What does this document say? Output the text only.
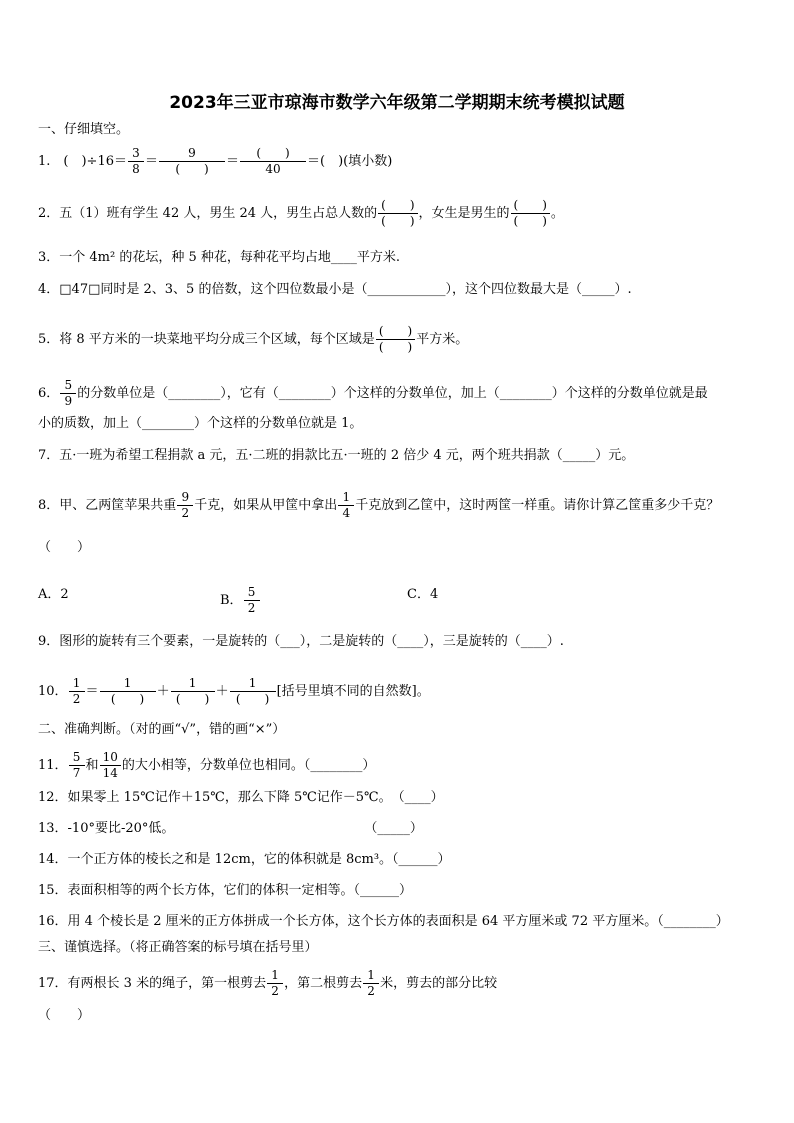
2023年三亚市琼海市数学六年级第二学期期末统考模拟试题
一、仔细填空。
1.　(　)$\div 16= \frac{3}{8} = \frac{9}{( )} = \frac{( )}{40}$ ＝(　)(填小数)
2．五（1）班有学生 42 人，男生 24 人，男生占总人数的 $\frac{( )}{( )}$ ，女生是男生的 $\frac{( )}{( )}$ 。
3．一个 4m² 的花坛，种 5 种花，每种花平均占地____平方米.
4．□47□同时是 2、3、5 的倍数，这个四位数最小是（____________），这个四位数最大是（_____）.
5．将 8 平方米的一块菜地平均分成三个区域，每个区域是 $\frac{( )}{( )}$ 平方米。
6． $\frac{5}{9}$ 的分数单位是（________），它有（________）个这样的分数单位，加上（________）个这样的分数单位就是最
小的质数，加上（________）个这样的分数单位就是 1。
7．五·一班为希望工程捐款 a 元，五·二班的捐款比五·一班的 2 倍少 4 元，两个班共捐款（_____）元。
8．甲、乙两筐苹果共重 $\frac{9}{2}$ 千克，如果从甲筐中拿出 $\frac{1}{4}$ 千克放到乙筐中，这时两筐一样重。请你计算乙筐重多少千克？
（　　）
A．2	B． $\frac{5}{2}$	C．4
9．图形的旋转有三个要素，一是旋转的（___），二是旋转的（____），三是旋转的（____）.
10． $\frac{1}{2} = \frac{1}{( )} + \frac{1}{( )} + \frac{1}{( )}$ [括号里填不同的自然数]。
二、准确判断。（对的画“√”，错的画“×”）
11． $\frac{5}{7}$ 和 $\frac{10}{14}$ 的大小相等，分数单位也相同。（________）
12．如果零上 15℃记作＋15℃，那么下降 5℃记作－5℃。　（____）
13．-10°要比-20°低。	（_____）
14．一个正方体的棱长之和是 12cm，它的体积就是 8cm³。（______）
15．表面积相等的两个长方体，它们的体积一定相等。（______）
16．用 4 个棱长是 2 厘米的正方体拼成一个长方体，这个长方体的表面积是 64 平方厘米或 72 平方厘米。（________）
三、谨慎选择。（将正确答案的标号填在括号里）
17．有两根长 3 米的绳子，第一根剪去 $\frac{1}{2}$ ，第二根剪去 $\frac{1}{2}$ 米，剪去的部分比较
（　　）
